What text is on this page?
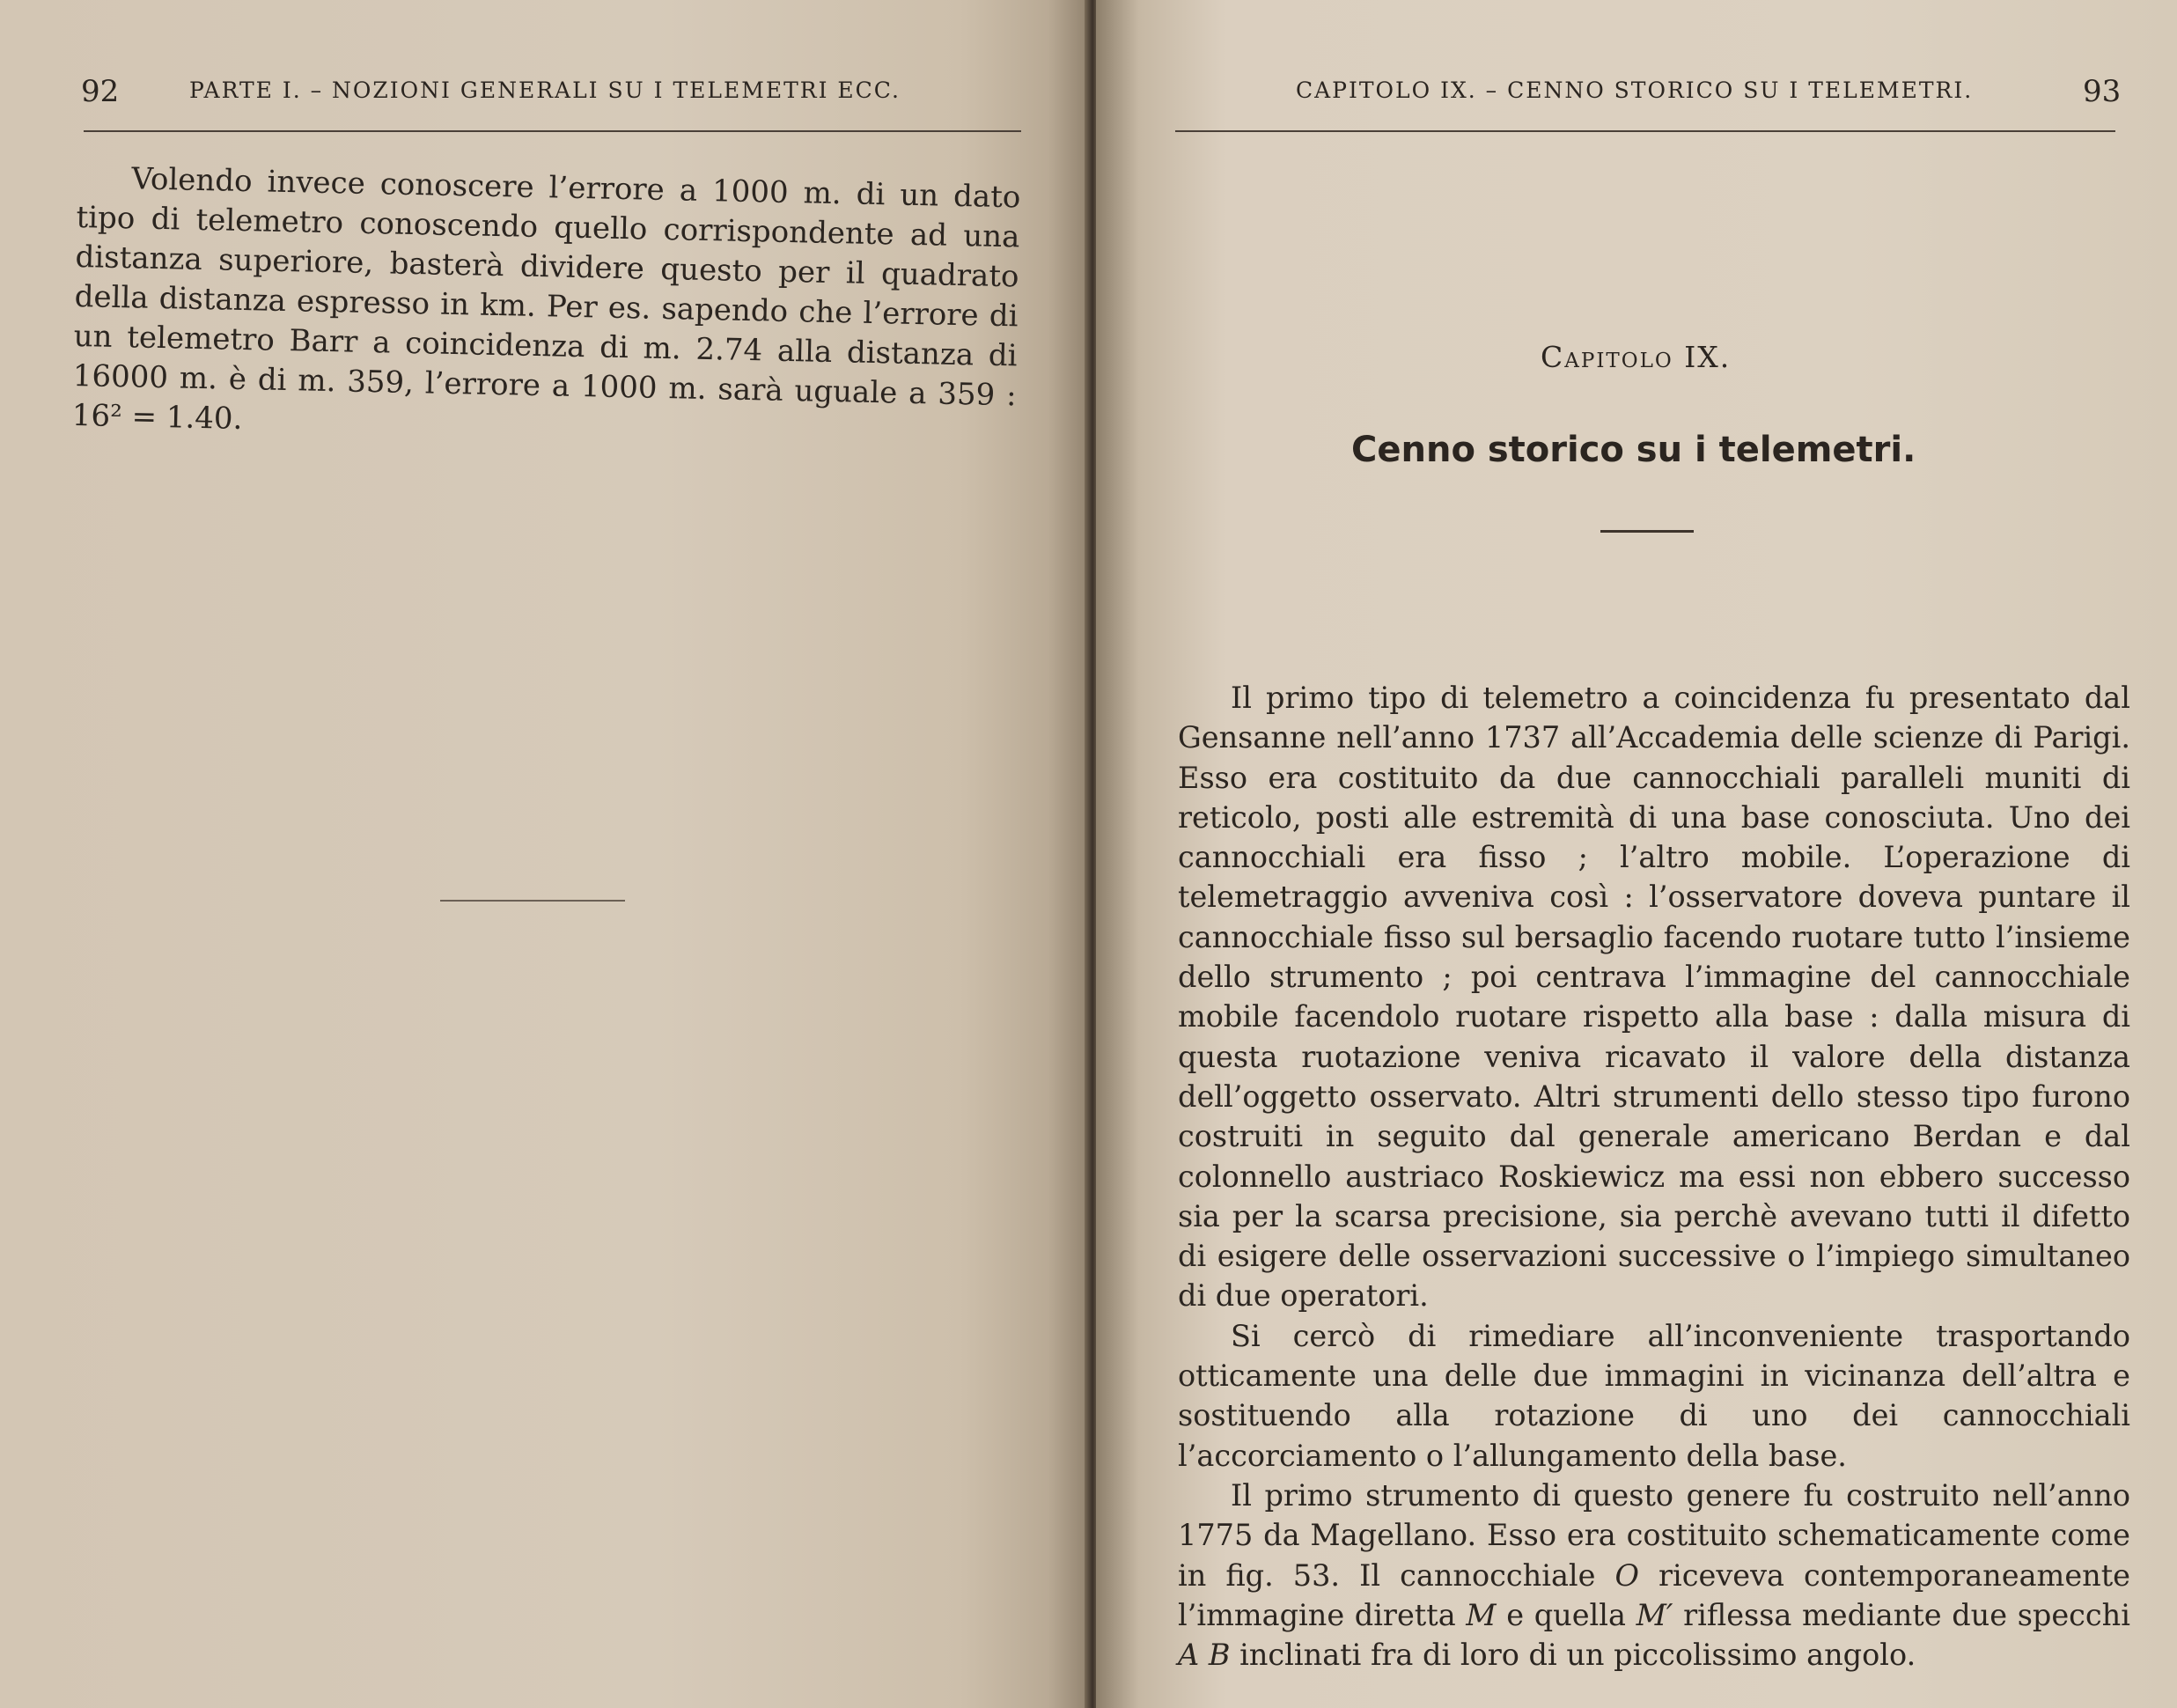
92	PARTE I. – NOZIONI GENERALI SU I TELEMETRI ECC.
Volendo invece conoscere l’errore a 1000 m. di un dato tipo di telemetro conoscendo quello corrispondente ad una distanza superiore, basterà dividere questo per il quadrato della distanza espresso in km. Per es. sapendo che l’errore di un telemetro Barr a coincidenza di m. 2.74 alla distanza di 16000 m. è di m. 359, l’errore a 1000 m. sarà uguale a 359 : 16² = 1.40.
CAPITOLO IX. – CENNO STORICO SU I TELEMETRI.	93
Capitolo IX.
Cenno storico su i telemetri.

Il primo tipo di telemetro a coincidenza fu presentato dal Gensanne nell’anno 1737 all’Accademia delle scienze di Parigi. Esso era costituito da due cannocchiali paralleli muniti di reticolo, posti alle estremità di una base conosciuta. Uno dei cannocchiali era fisso ; l’altro mobile. L’operazione di telemetraggio avveniva così : l’osservatore doveva puntare il cannocchiale fisso sul bersaglio facendo ruotare tutto l’insieme dello strumento ; poi centrava l’immagine del cannocchiale mobile facendolo ruotare rispetto alla base : dalla misura di questa ruotazione veniva ricavato il valore della distanza dell’oggetto osservato. Altri strumenti dello stesso tipo furono costruiti in seguito dal generale americano Berdan e dal colonnello austriaco Roskiewicz ma essi non ebbero successo sia per la scarsa precisione, sia perchè avevano tutti il difetto di esigere delle osservazioni successive o l’impiego simultaneo di due operatori.

Si cercò di rimediare all’inconveniente trasportando otticamente una delle due immagini in vicinanza dell’altra e sostituendo alla rotazione di uno dei cannocchiali l’accorciamento o l’allungamento della base.

Il primo strumento di questo genere fu costruito nell’anno 1775 da Magellano. Esso era costituito schematicamente come in fig. 53. Il cannocchiale O riceveva contemporaneamente l’immagine diretta M e quella M′ riflessa mediante due specchi A B inclinati fra di loro di un piccolissimo angolo.
